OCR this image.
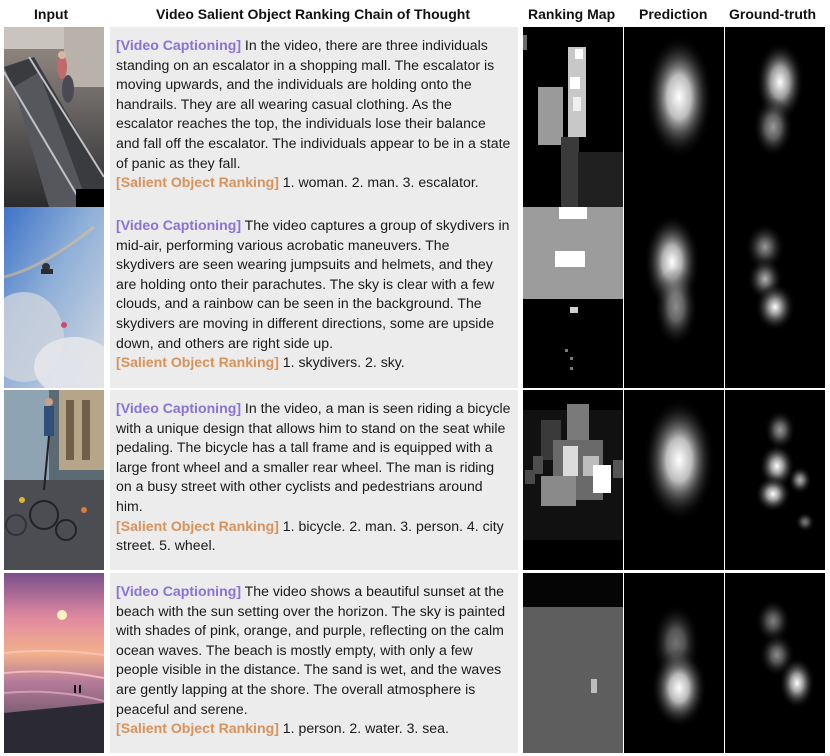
Input	Video Salient Object Ranking Chain of Thought	Ranking Map Prediction Ground-truth

[Video Captioning] In the video, there are three individuals standing on an escalator in a shopping mall. The escalator is moving upwards, and the individuals are holding onto the handrails. They are all wearing casual clothing. As the escalator reaches the top, the individuals lose their balance and fall off the escalator. The individuals appear to be in a state of panic as they fall.
[Salient Object Ranking] 1. woman. 2. man. 3. escalator.

[Video Captioning] The video captures a group of skydivers in mid-air, performing various acrobatic maneuvers. The skydivers are seen wearing jumpsuits and helmets, and they are holding onto their parachutes. The sky is clear with a few clouds, and a rainbow can be seen in the background. The skydivers are moving in different directions, some are upside down, and others are right side up.
[Salient Object Ranking] 1. skydivers. 2. sky.

[Video Captioning] In the video, a man is seen riding a bicycle with a unique design that allows him to stand on the seat while pedaling. The bicycle has a tall frame and is equipped with a large front wheel and a smaller rear wheel. The man is riding on a busy street with other cyclists and pedestrians around him.
[Salient Object Ranking] 1. bicycle. 2. man. 3. person. 4. city street. 5. wheel.

[Video Captioning] The video shows a beautiful sunset at the beach with the sun setting over the horizon. The sky is painted with shades of pink, orange, and purple, reflecting on the calm ocean waves. The beach is mostly empty, with only a few people visible in the distance. The sand is wet, and the waves are gently lapping at the shore. The overall atmosphere is peaceful and serene.
[Salient Object Ranking] 1. person. 2. water. 3. sea.
